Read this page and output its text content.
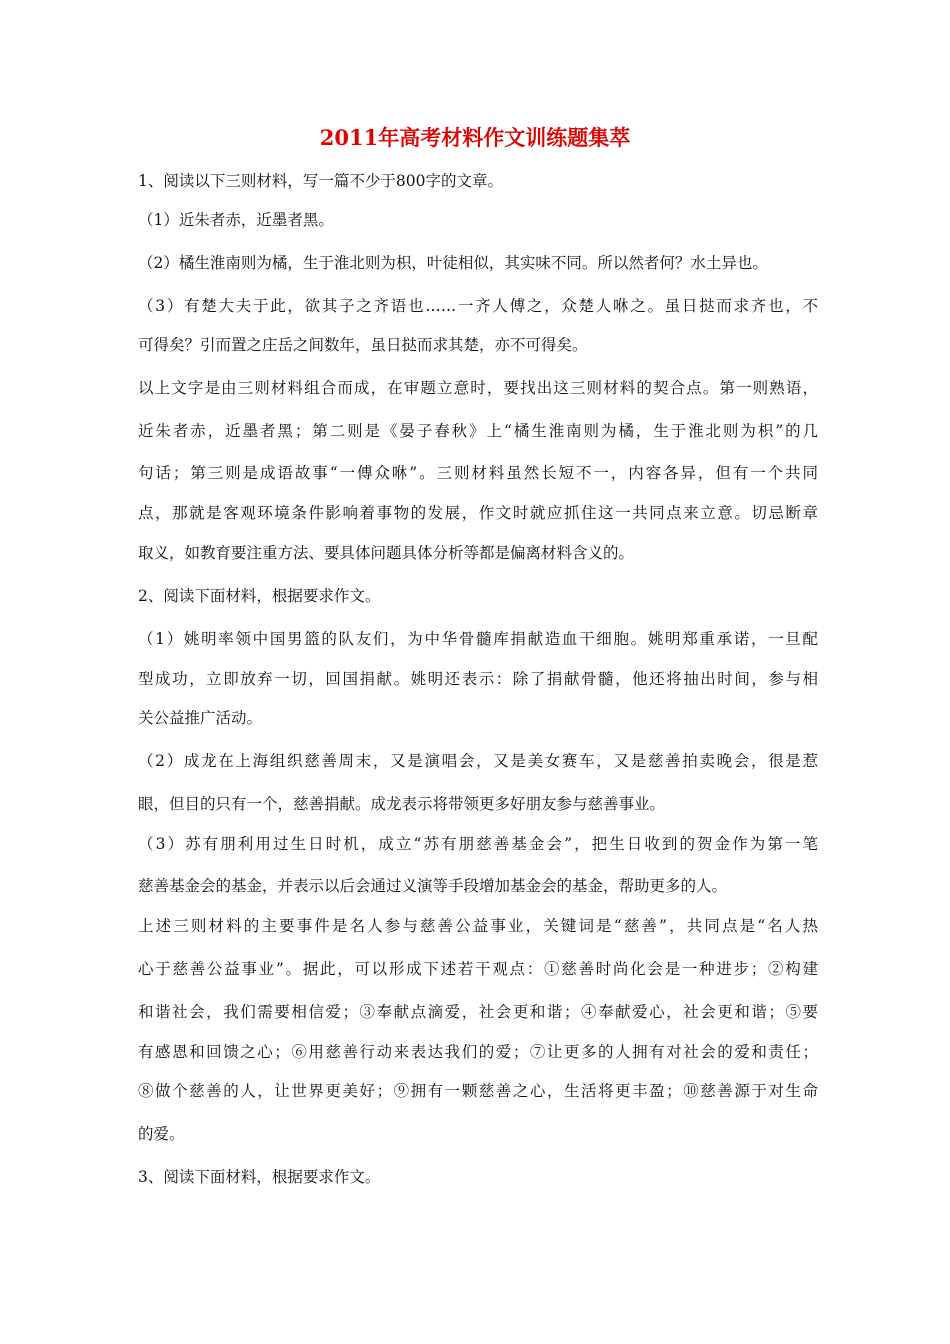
2011年高考材料作文训练题集萃
1、阅读以下三则材料，写一篇不少于800字的文章。
（1）近朱者赤，近墨者黑。
（2）橘生淮南则为橘，生于淮北则为枳，叶徒相似，其实味不同。所以然者何？水土异也。
（3）有楚大夫于此，欲其子之齐语也……一齐人傅之，众楚人咻之。虽日挞而求齐也，不
可得矣？引而置之庄岳之间数年，虽日挞而求其楚，亦不可得矣。
以上文字是由三则材料组合而成，在审题立意时，要找出这三则材料的契合点。第一则熟语，
近朱者赤，近墨者黑；第二则是《晏子春秋》上“橘生淮南则为橘，生于淮北则为枳”的几
句话；第三则是成语故事“一傅众咻”。三则材料虽然长短不一，内容各异，但有一个共同
点，那就是客观环境条件影响着事物的发展，作文时就应抓住这一共同点来立意。切忌断章
取义，如教育要注重方法、要具体问题具体分析等都是偏离材料含义的。
2、阅读下面材料，根据要求作文。
（1）姚明率领中国男篮的队友们，为中华骨髓库捐献造血干细胞。姚明郑重承诺，一旦配
型成功，立即放弃一切，回国捐献。姚明还表示：除了捐献骨髓，他还将抽出时间，参与相
关公益推广活动。
（2）成龙在上海组织慈善周末，又是演唱会，又是美女赛车，又是慈善拍卖晚会，很是惹
眼，但目的只有一个，慈善捐献。成龙表示将带领更多好朋友参与慈善事业。
（3）苏有朋利用过生日时机，成立“苏有朋慈善基金会”，把生日收到的贺金作为第一笔
慈善基金会的基金，并表示以后会通过义演等手段增加基金会的基金，帮助更多的人。
上述三则材料的主要事件是名人参与慈善公益事业，关键词是“慈善”，共同点是“名人热
心于慈善公益事业”。据此，可以形成下述若干观点：①慈善时尚化会是一种进步；②构建
和谐社会，我们需要相信爱；③奉献点滴爱，社会更和谐；④奉献爱心，社会更和谐；⑤要
有感恩和回馈之心；⑥用慈善行动来表达我们的爱；⑦让更多的人拥有对社会的爱和责任；
⑧做个慈善的人，让世界更美好；⑨拥有一颗慈善之心，生活将更丰盈；⑩慈善源于对生命
的爱。
3、阅读下面材料，根据要求作文。
